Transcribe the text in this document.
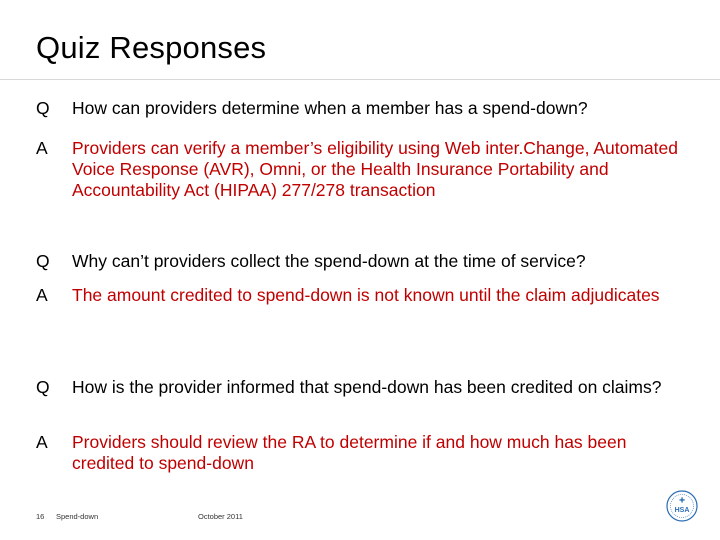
Quiz Responses
Q	How can providers determine when a member has a spend-down?
A	Providers can verify a member’s eligibility using Web inter.Change, Automated Voice Response (AVR), Omni, or the Health Insurance Portability and Accountability Act (HIPAA) 277/278 transaction
Q	Why can’t providers collect the spend-down at the time of service?
A	The amount credited to spend-down is not known until the claim adjudicates
Q	How is the provider informed that spend-down has been credited on claims?
A	Providers should review the RA to determine if and how much has been credited to spend-down
16 Spend-down	October 2011
✚
HSA
